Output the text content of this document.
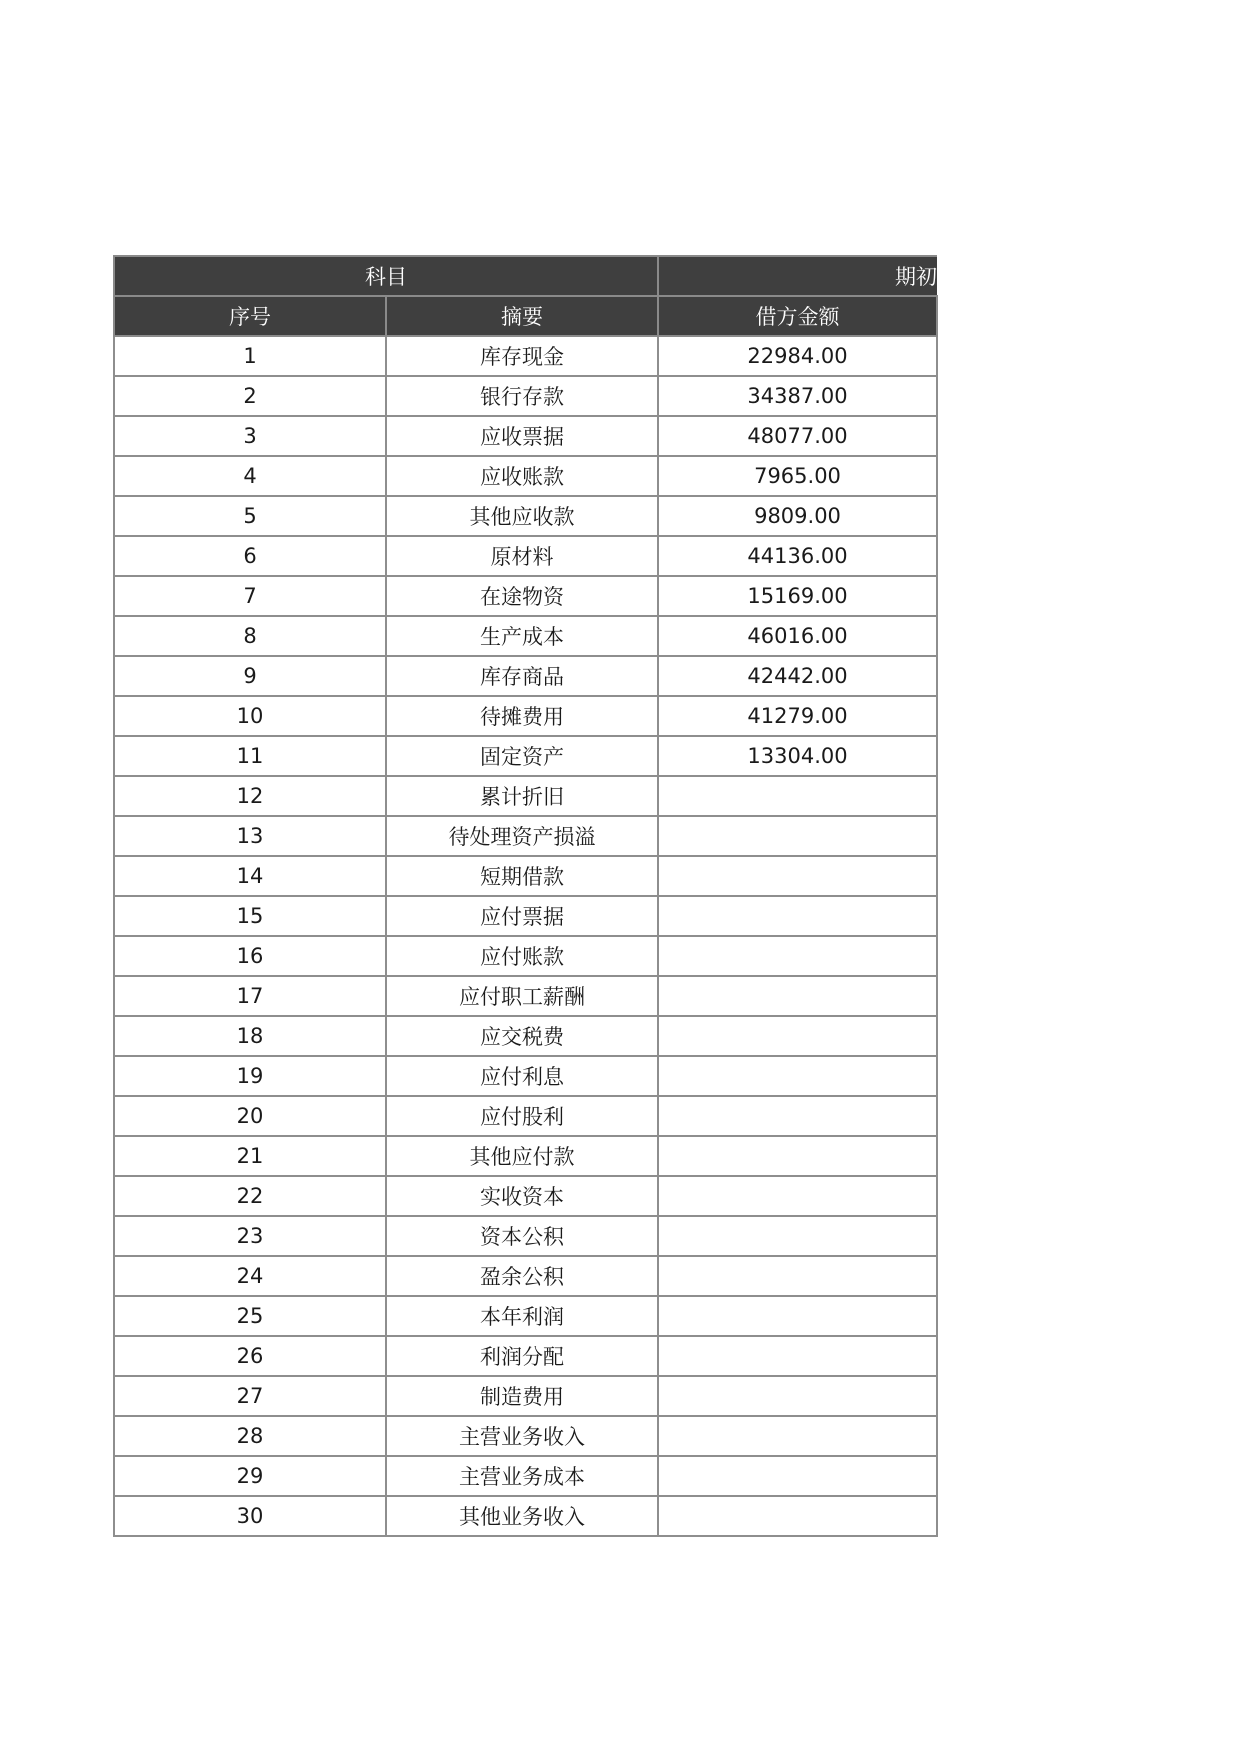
科目		期初
序号	摘要	借方金额
1	库存现金	22984.00
2	银行存款	34387.00
3	应收票据	48077.00
4	应收账款	7965.00
5	其他应收款	9809.00
6	原材料	44136.00
7	在途物资	15169.00
8	生产成本	46016.00
9	库存商品	42442.00
10	待摊费用	41279.00
11	固定资产	13304.00
12	累计折旧	
13	待处理资产损溢	
14	短期借款	
15	应付票据	
16	应付账款	
17	应付职工薪酬	
18	应交税费	
19	应付利息	
20	应付股利	
21	其他应付款	
22	实收资本	
23	资本公积	
24	盈余公积	
25	本年利润	
26	利润分配	
27	制造费用	
28	主营业务收入	
29	主营业务成本	
30	其他业务收入	
